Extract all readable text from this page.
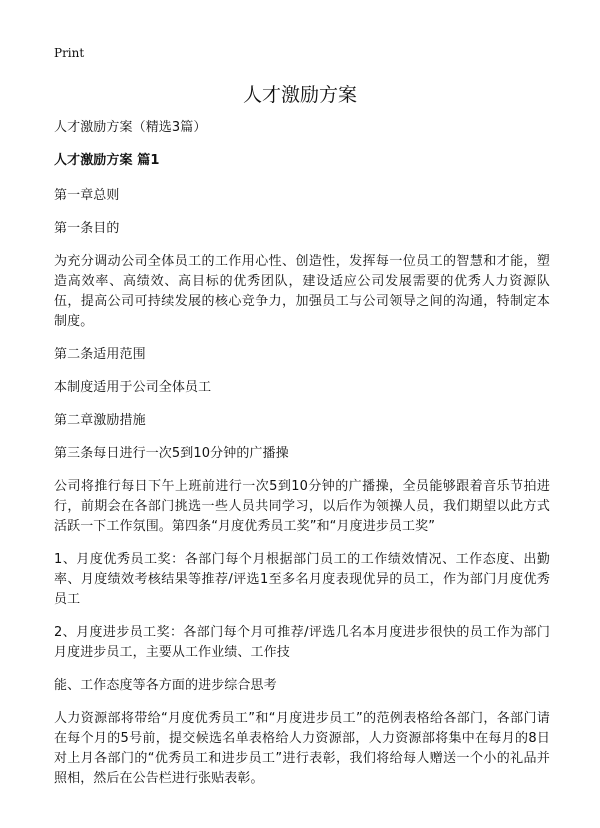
Print
人才激励方案

人才激励方案（精选3篇）

人才激励方案 篇1

第一章总则

第一条目的

为充分调动公司全体员工的工作用心性、创造性，发挥每一位员工的智慧和才能，塑造高效率、高绩效、高目标的优秀团队，建设适应公司发展需要的优秀人力资源队伍，提高公司可持续发展的核心竞争力，加强员工与公司领导之间的沟通，特制定本制度。

第二条适用范围

本制度适用于公司全体员工

第二章激励措施

第三条每日进行一次5到10分钟的广播操

公司将推行每日下午上班前进行一次5到10分钟的广播操，全员能够跟着音乐节拍进行，前期会在各部门挑选一些人员共同学习，以后作为领操人员，我们期望以此方式活跃一下工作氛围。第四条“月度优秀员工奖”和“月度进步员工奖”

1、月度优秀员工奖：各部门每个月根据部门员工的工作绩效情况、工作态度、出勤率、月度绩效考核结果等推荐/评选1至多名月度表现优异的员工，作为部门月度优秀员工

2、月度进步员工奖：各部门每个月可推荐/评选几名本月度进步很快的员工作为部门月度进步员工，主要从工作业绩、工作技

能、工作态度等各方面的进步综合思考

人力资源部将带给“月度优秀员工”和“月度进步员工”的范例表格给各部门，各部门请在每个月的5号前，提交候选名单表格给人力资源部，人力资源部将集中在每月的8日对上月各部门的“优秀员工和进步员工”进行表彰，我们将给每人赠送一个小的礼品并照相，然后在公告栏进行张贴表彰。
